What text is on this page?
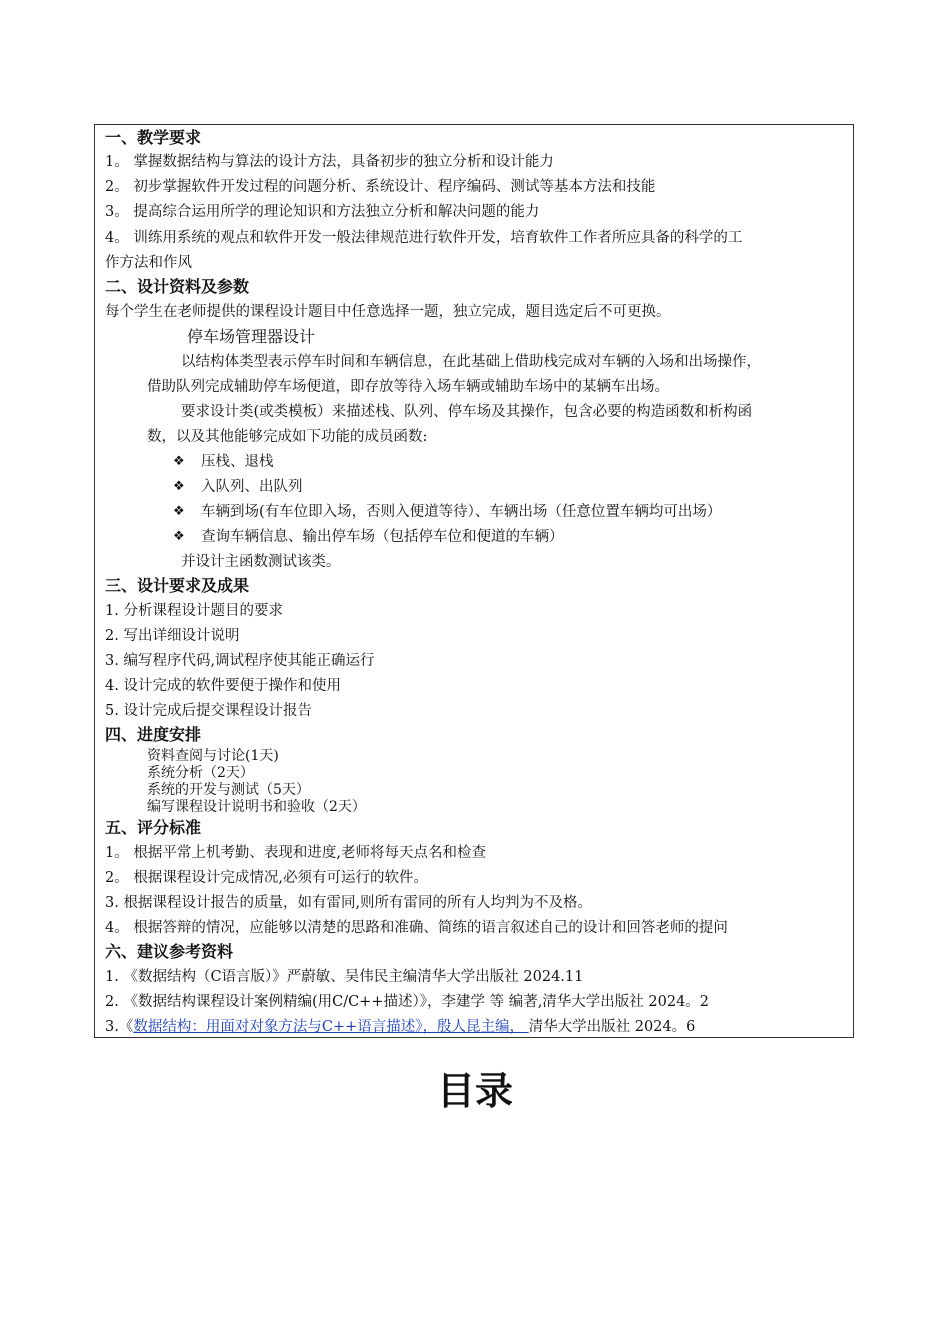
一、教学要求
1。 掌握数据结构与算法的设计方法，具备初步的独立分析和设计能力
2。 初步掌握软件开发过程的问题分析、系统设计、程序编码、测试等基本方法和技能
3。 提高综合运用所学的理论知识和方法独立分析和解决问题的能力
4。 训练用系统的观点和软件开发一般法律规范进行软件开发，培育软件工作者所应具备的科学的工
作方法和作风
二、设计资料及参数
每个学生在老师提供的课程设计题目中任意选择一题，独立完成，题目选定后不可更换。
停车场管理器设计
以结构体类型表示停车时间和车辆信息，在此基础上借助栈完成对车辆的入场和出场操作，
借助队列完成辅助停车场便道，即存放等待入场车辆或辅助车场中的某辆车出场。
要求设计类(或类模板）来描述栈、队列、停车场及其操作，包含必要的构造函数和析构函
数，以及其他能够完成如下功能的成员函数:
❖ 压栈、退栈
❖ 入队列、出队列
❖ 车辆到场(有车位即入场，否则入便道等待）、车辆出场（任意位置车辆均可出场）
❖ 查询车辆信息、输出停车场（包括停车位和便道的车辆）
并设计主函数测试该类。
三、设计要求及成果
1. 分析课程设计题目的要求
2. 写出详细设计说明
3. 编写程序代码,调试程序使其能正确运行
4. 设计完成的软件要便于操作和使用
5. 设计完成后提交课程设计报告
四、进度安排
资料查阅与讨论(1天)
系统分析（2天）
系统的开发与测试（5天）
编写课程设计说明书和验收（2天）
五、评分标准
1。 根据平常上机考勤、表现和进度,老师将每天点名和检查
2。 根据课程设计完成情况,必须有可运行的软件。
3. 根据课程设计报告的质量，如有雷同,则所有雷同的所有人均判为不及格。
4。 根据答辩的情况，应能够以清楚的思路和准确、简练的语言叙述自己的设计和回答老师的提问
六、建议参考资料
1. 《数据结构（C语言版）》严蔚敏、吴伟民主编清华大学出版社 2024.11
2. 《数据结构课程设计案例精编(用C/C++描述）》，李建学 等 编著,清华大学出版社 2024。2
3.《数据结构：用面对对象方法与C++语言描述》，殷人昆主编， 清华大学出版社 2024。6
目录
